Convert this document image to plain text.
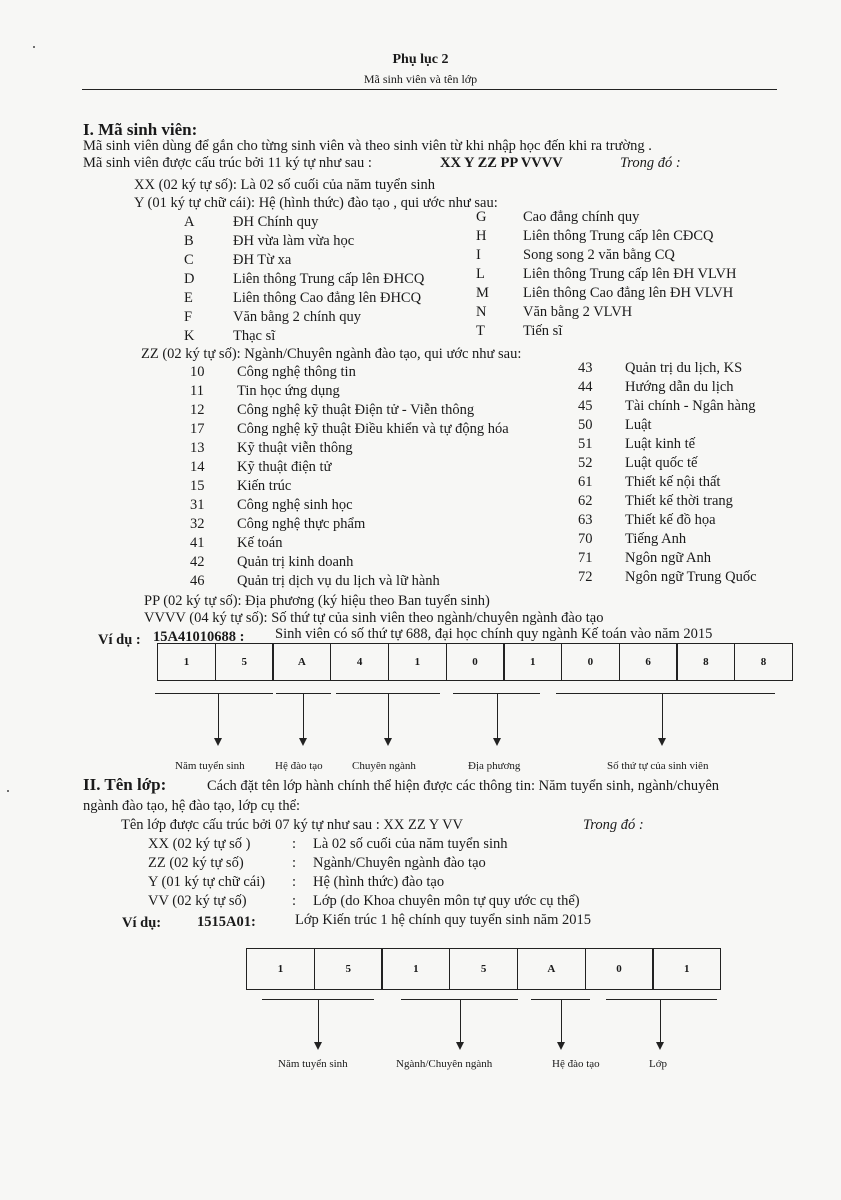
Phụ lục 2
Mã sinh viên và tên lớp
I. Mã sinh viên:
Mã sinh viên dùng để gắn cho từng sinh viên và theo sinh viên từ khi nhập học đến khi ra trường .
Mã sinh viên được cấu trúc bởi 11 ký tự như sau :	XX Y ZZ PP VVVV	Trong đó :
XX (02 ký tự số): Là 02 số cuối của năm tuyển sinh
Y (01 ký tự chữ cái): Hệ (hình thức) đào tạo , qui ước như sau:
A	ĐH Chính quy
B	ĐH vừa làm vừa học
C	ĐH Từ xa
D	Liên thông Trung cấp lên ĐHCQ
E	Liên thông Cao đẳng lên ĐHCQ
F	Văn bằng 2 chính quy
K	Thạc sĩ
G	Cao đẳng chính quy
H	Liên thông Trung cấp lên CĐCQ
I	Song song 2 văn bằng CQ
L	Liên thông Trung cấp lên ĐH VLVH
M Liên thông Cao đẳng lên ĐH VLVH
N	Văn bằng 2 VLVH
T	Tiến sĩ
ZZ (02 ký tự số): Ngành/Chuyên ngành đào tạo, qui ước như sau:
10 Công nghệ thông tin
11 Tin học ứng dụng
12 Công nghệ kỹ thuật Điện tử - Viễn thông
17 Công nghệ kỹ thuật Điều khiển và tự động hóa
13 Kỹ thuật viễn thông
14 Kỹ thuật điện tử
15 Kiến trúc
31 Công nghệ sinh học
32 Công nghệ thực phẩm
41 Kế toán
42 Quản trị kinh doanh
46 Quản trị dịch vụ du lịch và lữ hành
43 Quản trị du lịch, KS
44 Hướng dẫn du lịch
45 Tài chính - Ngân hàng
50 Luật
51 Luật kinh tế
52 Luật quốc tế
61 Thiết kế nội thất
62 Thiết kế thời trang
63 Thiết kế đồ họa
70 Tiếng Anh
71 Ngôn ngữ Anh
72 Ngôn ngữ Trung Quốc
PP (02 ký tự số): Địa phương (ký hiệu theo Ban tuyển sinh)
VVVV (04 ký tự số): Số thứ tự của sinh viên theo ngành/chuyên ngành đào tạo
Ví dụ : 15A41010688 : Sinh viên có số thứ tự 688, đại học chính quy ngành Kế toán vào năm 2015
1	5	A	4	1	0	1	0	6	8	8
Năm tuyển sinh	Hệ đào tạo	Chuyên ngành	Địa phương	Số thứ tự của sinh viên
II. Tên lớp:	Cách đặt tên lớp hành chính thể hiện được các thông tin: Năm tuyển sinh, ngành/chuyên
ngành đào tạo, hệ đào tạo, lớp cụ thể:
Tên lớp được cấu trúc bởi 07 ký tự như sau : XX ZZ Y VV	Trong đó :
XX (02 ký tự số )	: Là 02 số cuối của năm tuyển sinh
ZZ (02 ký tự số)	: Ngành/Chuyên ngành đào tạo
Y (01 ký tự chữ cái) : Hệ (hình thức) đào tạo
VV (02 ký tự số)	: Lớp (do Khoa chuyên môn tự quy ước cụ thể)
Ví dụ: 1515A01:	Lớp Kiến trúc 1 hệ chính quy tuyển sinh năm 2015
1	5	1	5	A	0	1
Năm tuyển sinh	Ngành/Chuyên ngành	Hệ đào tạo	Lớp
